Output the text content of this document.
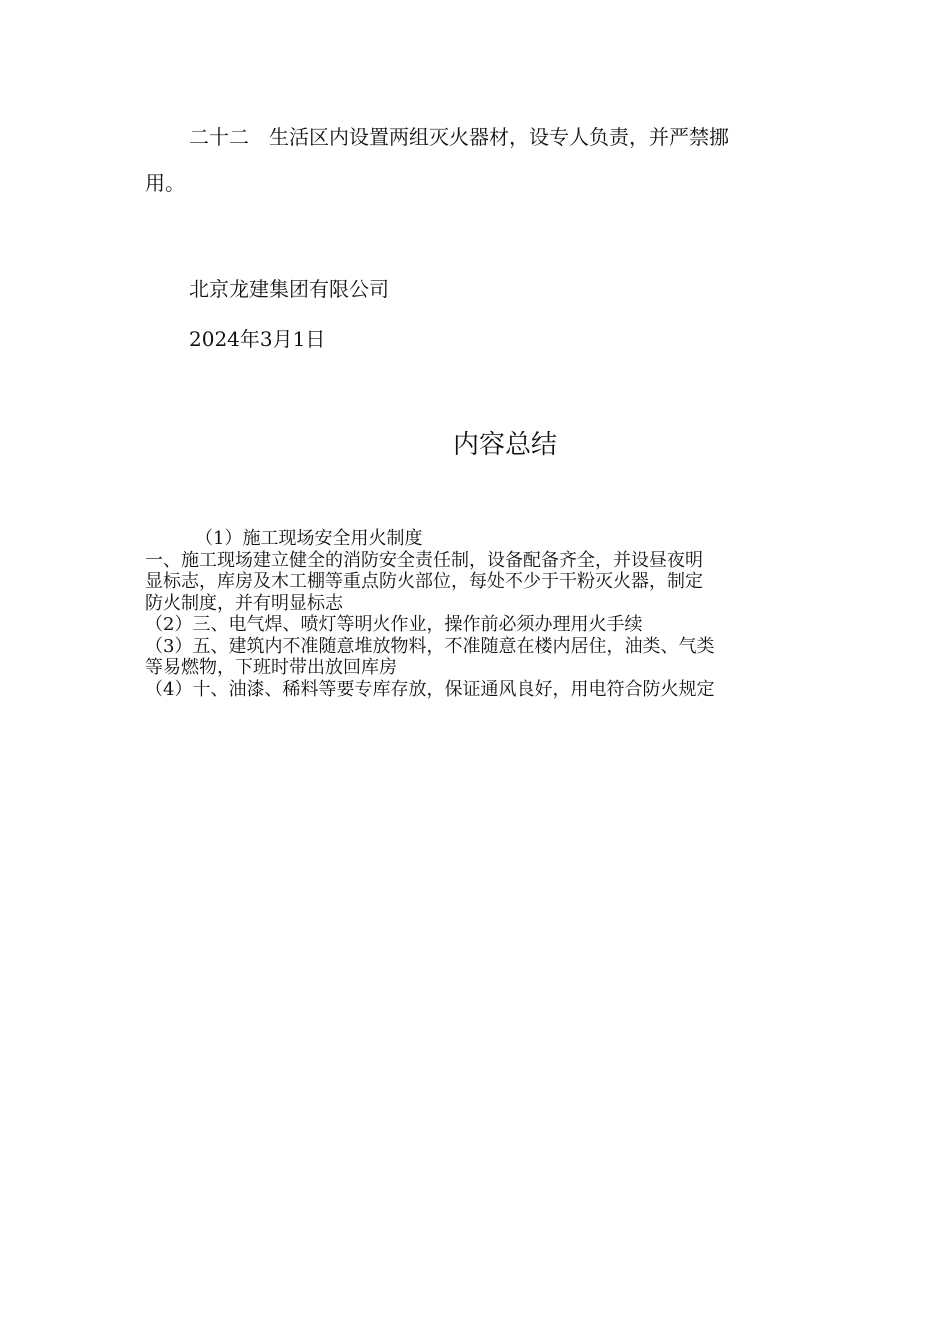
二十二　生活区内设置两组灭火器材，设专人负责，并严禁挪
用。
北京龙建集团有限公司
2024年3月1日
内容总结
（1）施工现场安全用火制度
一、施工现场建立健全的消防安全责任制，设备配备齐全，并设昼夜明
显标志，库房及木工棚等重点防火部位，每处不少于干粉灭火器，制定
防火制度，并有明显标志
（2）三、电气焊、喷灯等明火作业，操作前必须办理用火手续
（3）五、建筑内不准随意堆放物料，不准随意在楼内居住，油类、气类
等易燃物，下班时带出放回库房
（4）十、油漆、稀料等要专库存放，保证通风良好，用电符合防火规定
